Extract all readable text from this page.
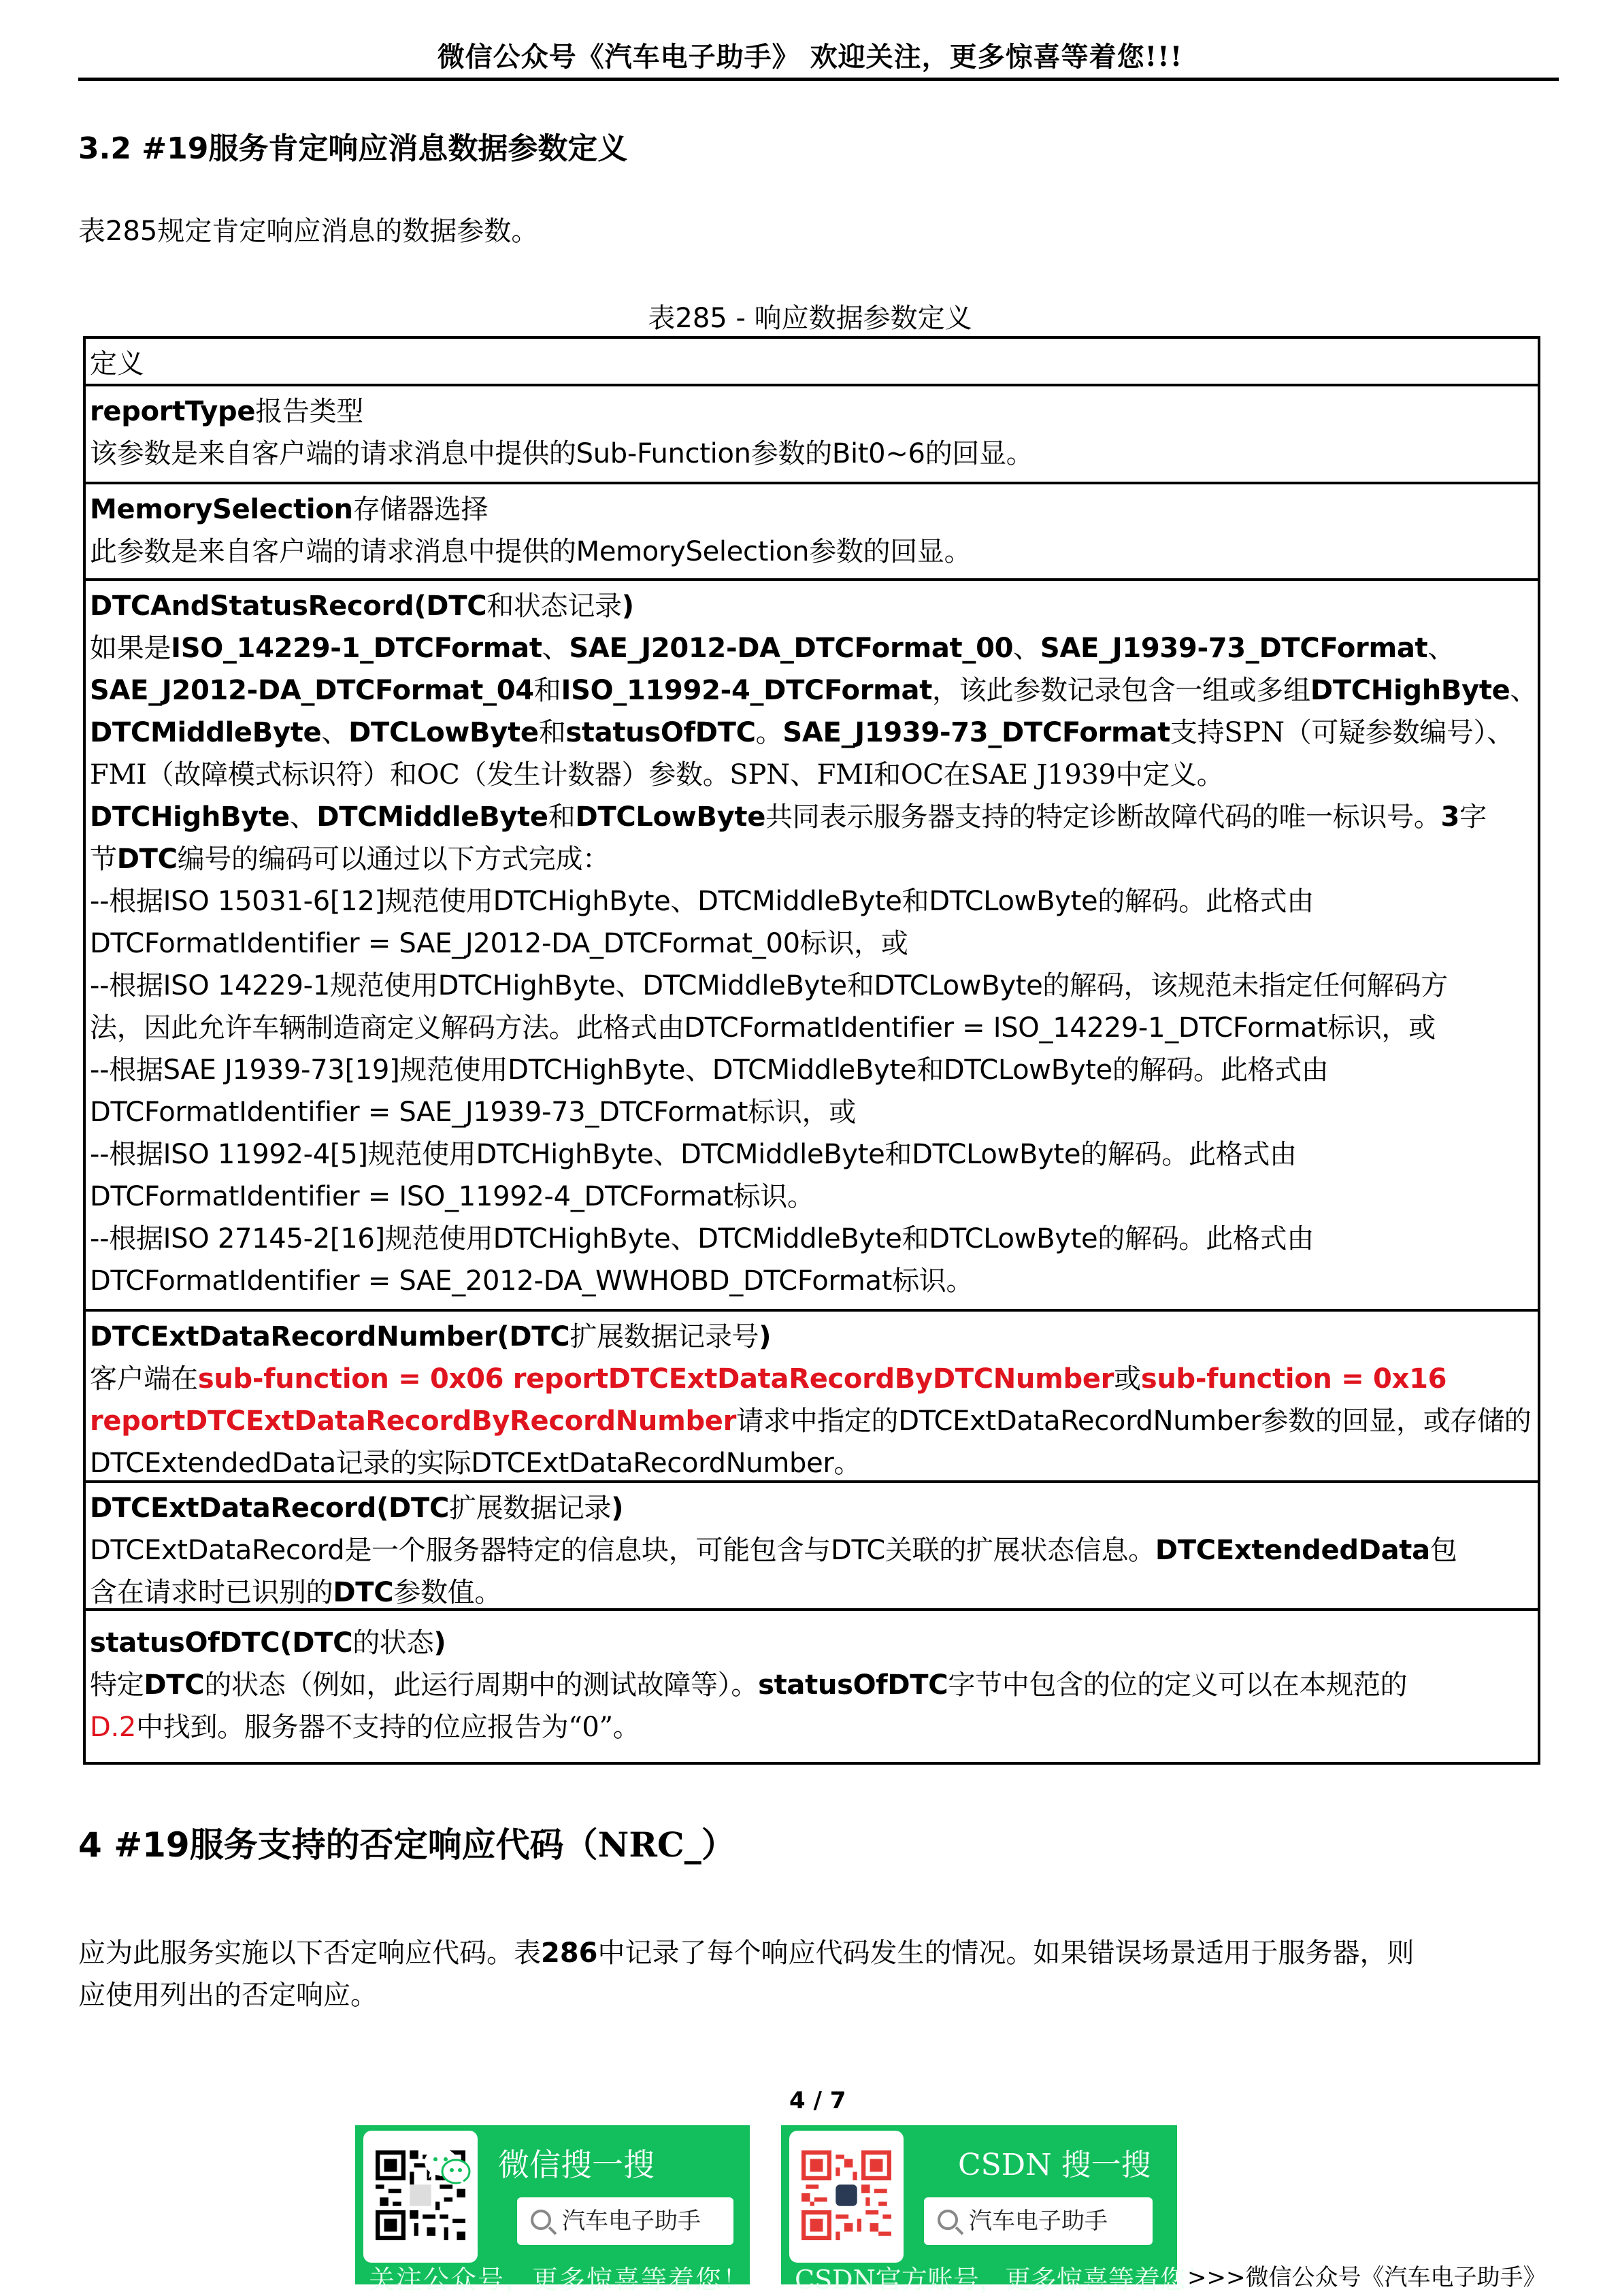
微信公众号《汽车电子助手》 欢迎关注，更多惊喜等着您!!!
3.2 #19服务肯定响应消息数据参数定义
表285规定肯定响应消息的数据参数。
表285 - 响应数据参数定义
定义
reportType报告类型
该参数是来自客户端的请求消息中提供的Sub-Function参数的Bit0~6的回显。
MemorySelection存储器选择
此参数是来自客户端的请求消息中提供的MemorySelection参数的回显。
DTCAndStatusRecord(DTC和状态记录)
如果是ISO_14229-1_DTCFormat、SAE_J2012-DA_DTCFormat_00、SAE_J1939-73_DTCFormat、
SAE_J2012-DA_DTCFormat_04和ISO_11992-4_DTCFormat，该此参数记录包含一组或多组DTCHighByte、
DTCMiddleByte、DTCLowByte和statusOfDTC。SAE_J1939-73_DTCFormat支持SPN（可疑参数编号）、
FMI（故障模式标识符）和OC（发生计数器）参数。SPN、FMI和OC在SAE J1939中定义。
DTCHighByte、DTCMiddleByte和DTCLowByte共同表示服务器支持的特定诊断故障代码的唯一标识号。3字
节DTC编号的编码可以通过以下方式完成：
--根据ISO 15031-6[12]规范使用DTCHighByte、DTCMiddleByte和DTCLowByte的解码。此格式由
DTCFormatIdentifier = SAE_J2012-DA_DTCFormat_00标识，或
--根据ISO 14229-1规范使用DTCHighByte、DTCMiddleByte和DTCLowByte的解码，该规范未指定任何解码方
法，因此允许车辆制造商定义解码方法。此格式由DTCFormatIdentifier = ISO_14229-1_DTCFormat标识，或
--根据SAE J1939-73[19]规范使用DTCHighByte、DTCMiddleByte和DTCLowByte的解码。此格式由
DTCFormatIdentifier = SAE_J1939-73_DTCFormat标识，或
--根据ISO 11992-4[5]规范使用DTCHighByte、DTCMiddleByte和DTCLowByte的解码。此格式由
DTCFormatIdentifier = ISO_11992-4_DTCFormat标识。
--根据ISO 27145-2[16]规范使用DTCHighByte、DTCMiddleByte和DTCLowByte的解码。此格式由
DTCFormatIdentifier = SAE_2012-DA_WWHOBD_DTCFormat标识。
DTCExtDataRecordNumber(DTC扩展数据记录号)
客户端在sub-function = 0x06 reportDTCExtDataRecordByDTCNumber或sub-function = 0x16
reportDTCExtDataRecordByRecordNumber请求中指定的DTCExtDataRecordNumber参数的回显，或存储的
DTCExtendedData记录的实际DTCExtDataRecordNumber。
DTCExtDataRecord(DTC扩展数据记录)
DTCExtDataRecord是一个服务器特定的信息块，可能包含与DTC关联的扩展状态信息。DTCExtendedData包
含在请求时已识别的DTC参数值。
statusOfDTC(DTC的状态)
特定DTC的状态（例如，此运行周期中的测试故障等）。statusOfDTC字节中包含的位的定义可以在本规范的
D.2中找到。服务器不支持的位应报告为“0”。
4 #19服务支持的否定响应代码（NRC_）
应为此服务实施以下否定响应代码。表286中记录了每个响应代码发生的情况。如果错误场景适用于服务器，则
应使用列出的否定响应。
4 / 7
微信搜一搜
汽车电子助手
关注公众号，更多惊喜等着您！
CSDN 搜一搜
汽车电子助手
CSDN官方账号，更多惊喜等着您！
>>>微信公众号《汽车电子助手》
